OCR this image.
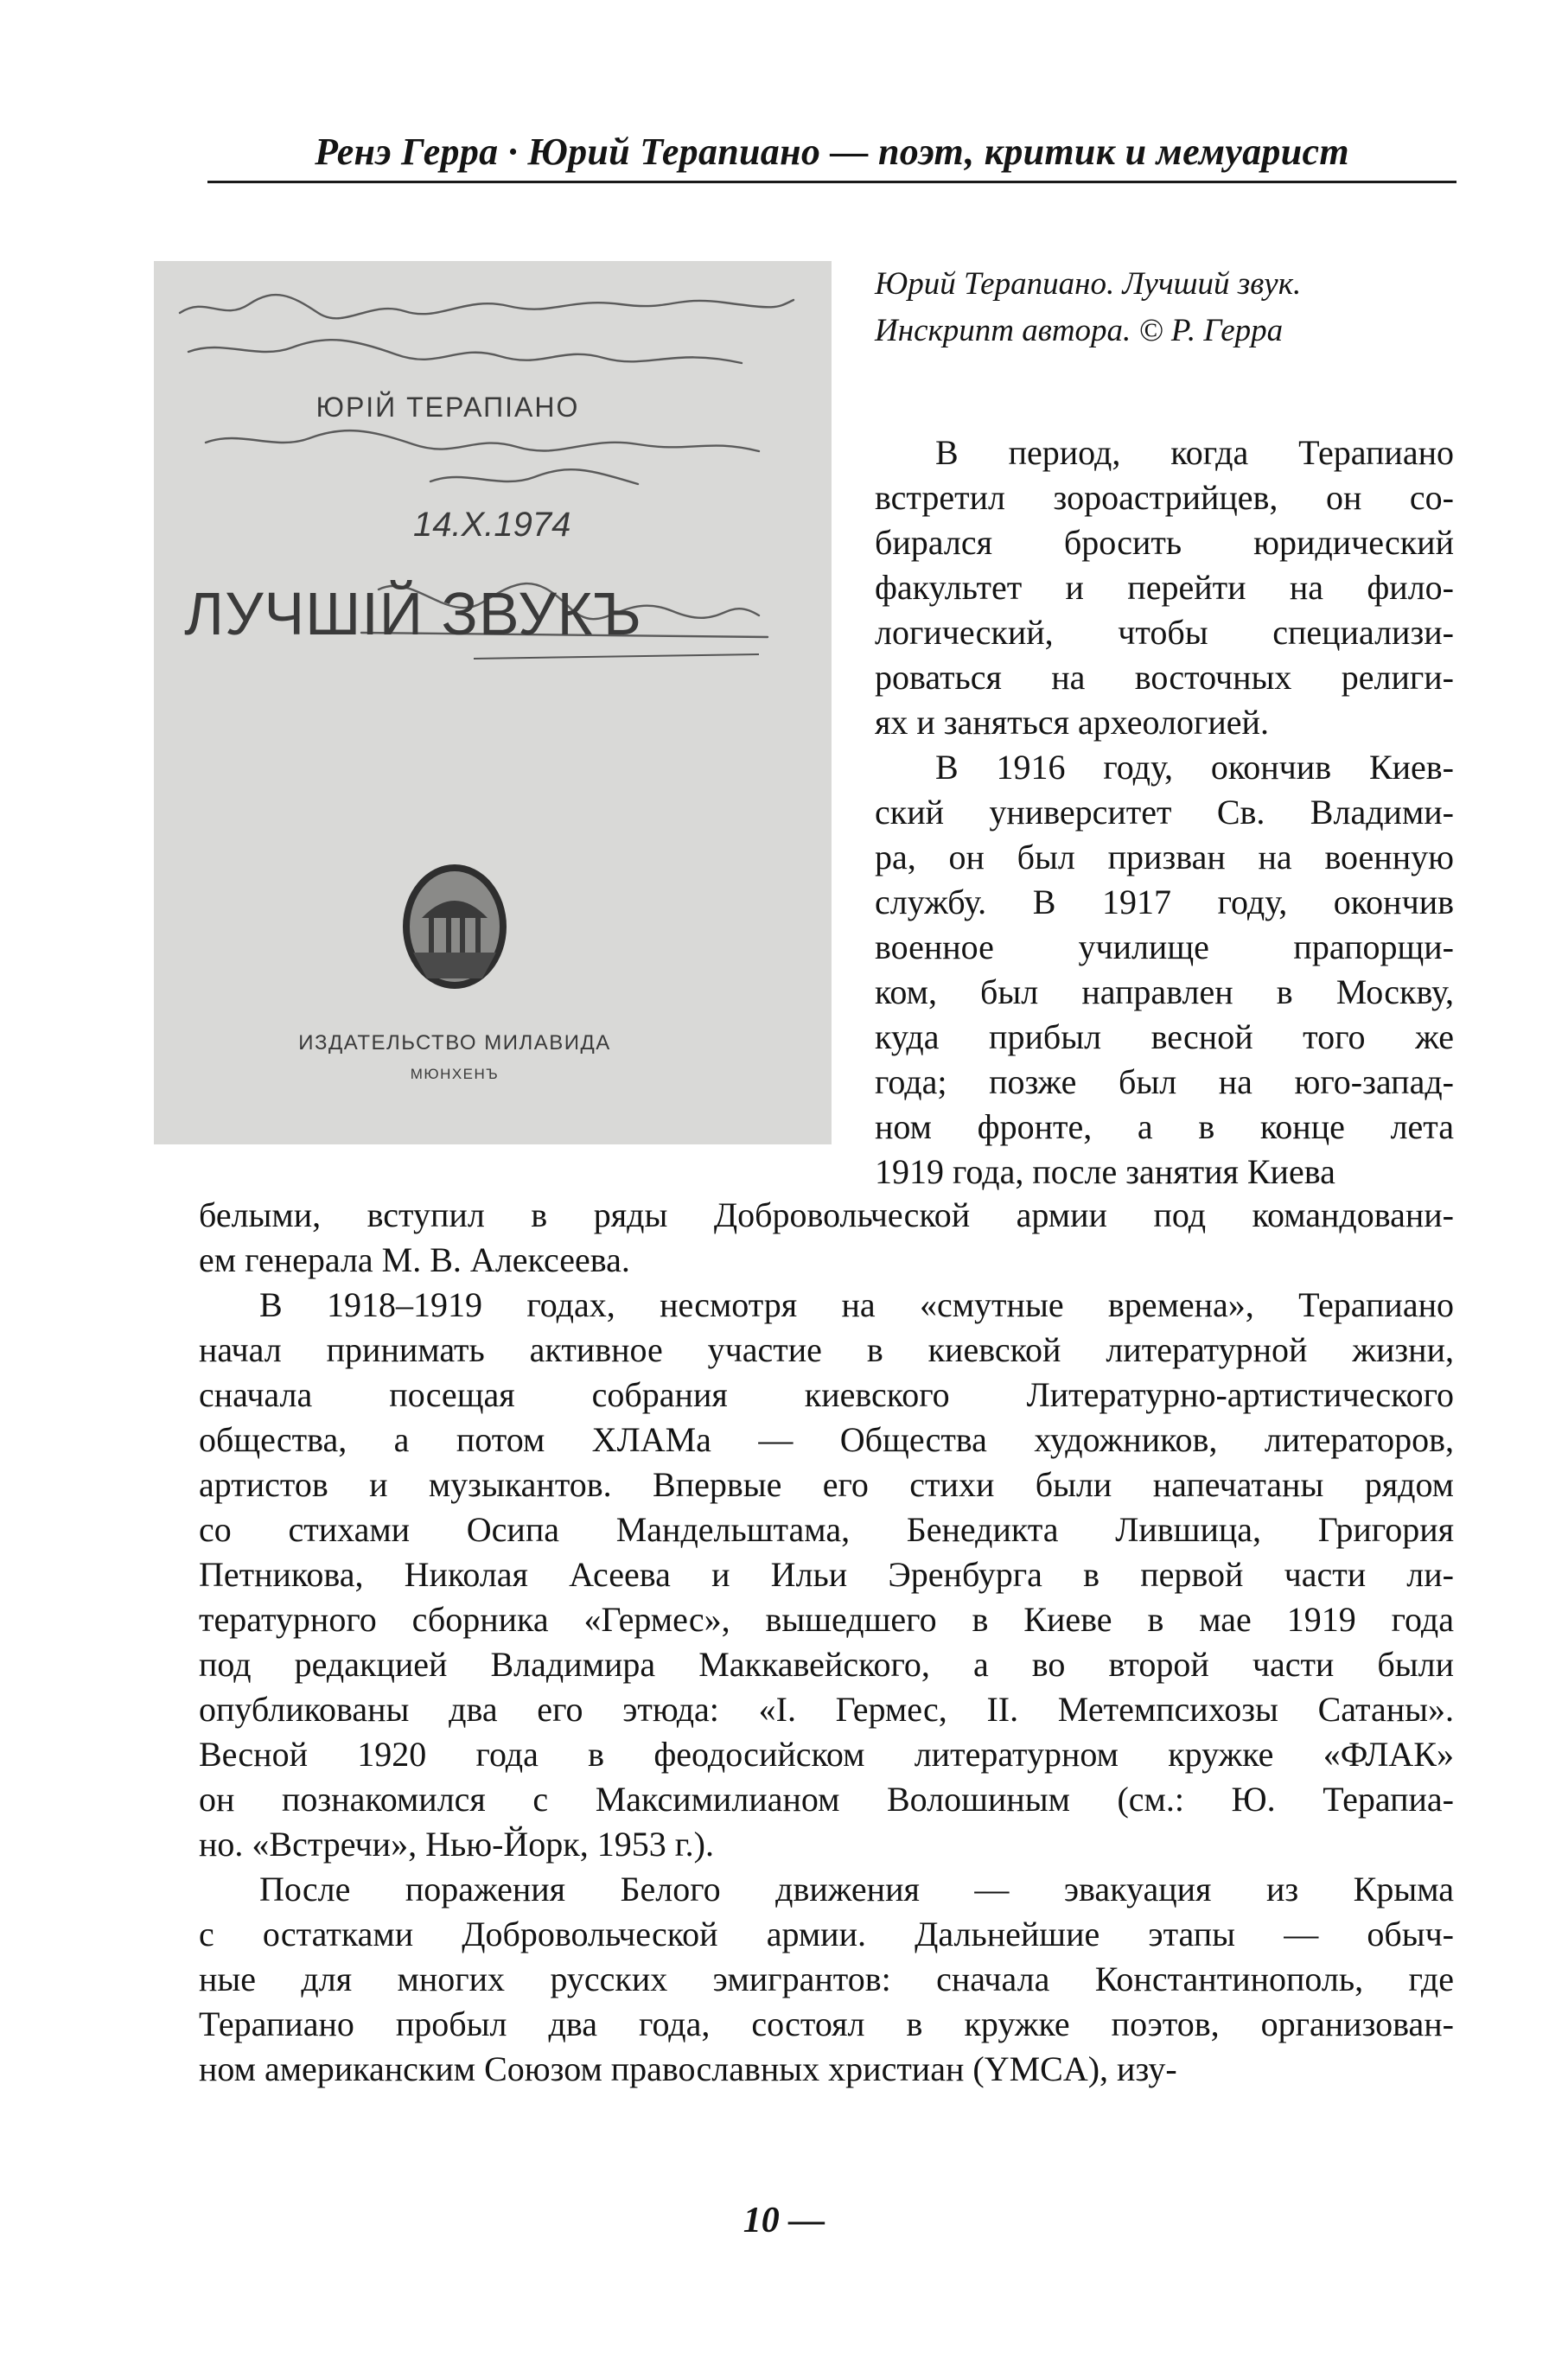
Ренэ Герра · Юрий Терапиано — поэт, критик и мемуарист
14.Х.1974
ЮРІЙ ТЕРАПІАНО
ЛУЧШІЙ ЗВУКЪ
ИЗДАТЕЛЬСТВО МИЛАВИДА
МЮНХЕНЪ
Юрий Терапиано. Лучший звук.
Инскрипт автора. © Р. Герра
В период, когда Терапиано
встретил зороастрийцев, он со-
бирался бросить юридический
факультет и перейти на фило-
логический, чтобы специализи-
роваться на восточных религи-
ях и заняться археологией.
В 1916 году, окончив Киев-
ский университет Св. Владими-
ра, он был призван на военную
службу. В 1917 году, окончив
военное училище прапорщи-
ком, был направлен в Москву,
куда прибыл весной того же
года; позже был на юго-запад-
ном фронте, а в конце лета
1919 года, после занятия Киева
белыми, вступил в ряды Добровольческой армии под командовани-
ем генерала М. В. Алексеева.
В 1918–1919 годах, несмотря на «смутные времена», Терапиано
начал принимать активное участие в киевской литературной жизни,
сначала посещая собрания киевского Литературно-артистического
общества, а потом ХЛАМа — Общества художников, литераторов,
артистов и музыкантов. Впервые его стихи были напечатаны рядом
со стихами Осипа Мандельштама, Бенедикта Лившица, Григория
Петникова, Николая Асеева и Ильи Эренбурга в первой части ли-
тературного сборника «Гермес», вышедшего в Киеве в мае 1919 года
под редакцией Владимира Маккавейского, а во второй части были
опубликованы два его этюда: «I. Гермес, II. Метемпсихозы Сатаны».
Весной 1920 года в феодосийском литературном кружке «ФЛАК»
он познакомился с Максимилианом Волошиным (см.: Ю. Терапиа-
но. «Встречи», Нью-Йорк, 1953 г.).
После поражения Белого движения — эвакуация из Крыма
с остатками Добровольческой армии. Дальнейшие этапы — обыч-
ные для многих русских эмигрантов: сначала Константинополь, где
Терапиано пробыл два года, состоял в кружке поэтов, организован-
ном американским Союзом православных христиан (YMCA), изу-
10 —
